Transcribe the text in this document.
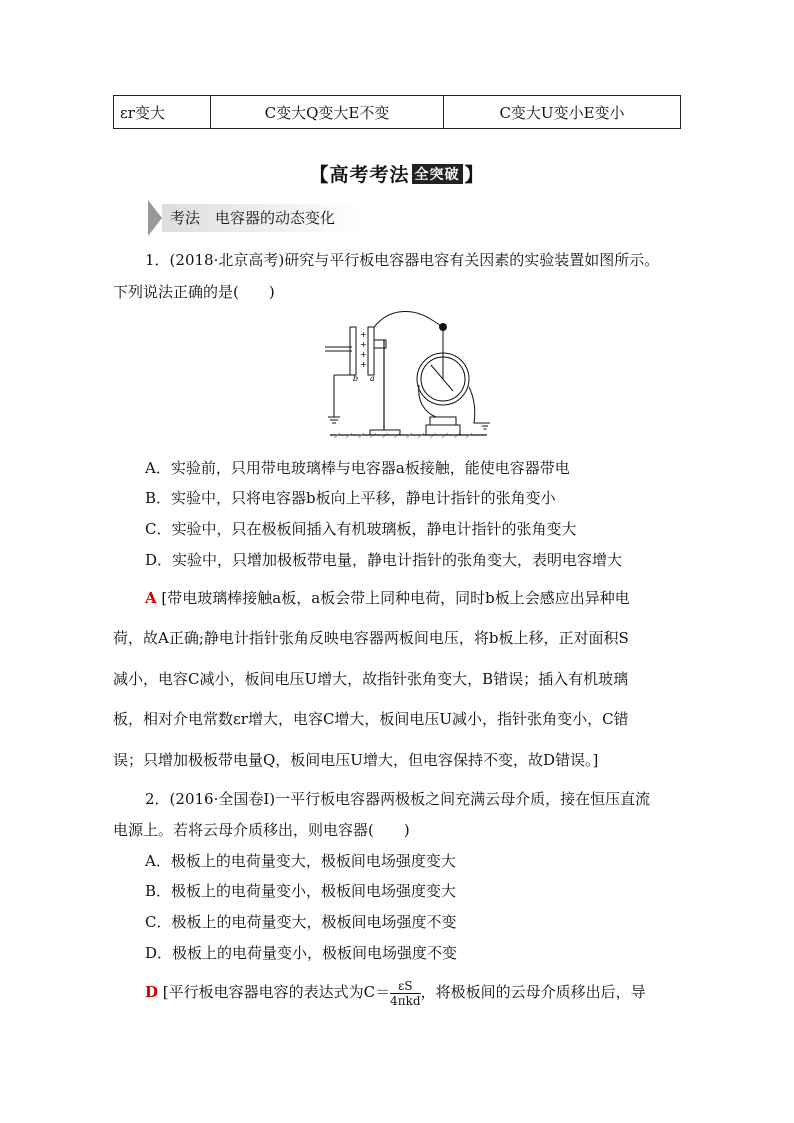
εr变大	C变大Q变大E不变	C变大U变小E变小
【高考考法 全突破 】
考法　电容器的动态变化
1．(2018·北京高考)研究与平行板电容器电容有关因素的实验装置如图所示。
下列说法正确的是(　　)
+
+
+
+
b a
A．实验前，只用带电玻璃棒与电容器a板接触，能使电容器带电
B．实验中，只将电容器b板向上平移，静电计指针的张角变小
C．实验中，只在极板间插入有机玻璃板，静电计指针的张角变大
D．实验中，只增加极板带电量，静电计指针的张角变大，表明电容增大
A [带电玻璃棒接触a板，a板会带上同种电荷，同时b板上会感应出异种电
荷，故A正确;静电计指针张角反映电容器两板间电压，将b板上移，正对面积S
减小，电容C减小，板间电压U增大，故指针张角变大，B错误；插入有机玻璃
板，相对介电常数εr增大，电容C增大，板间电压U减小，指针张角变小，C错
误；只增加极板带电量Q，板间电压U增大，但电容保持不变，故D错误。]
2．(2016·全国卷Ⅰ)一平行板电容器两极板之间充满云母介质，接在恒压直流
电源上。若将云母介质移出，则电容器(　　)
A．极板上的电荷量变大，极板间电场强度变大
B．极板上的电荷量变小，极板间电场强度变大
C．极板上的电荷量变大，极板间电场强度不变
D．极板上的电荷量变小，极板间电场强度不变
D [平行板电容器电容的表达式为C＝ εS
4πkd ，将极板间的云母介质移出后，导
